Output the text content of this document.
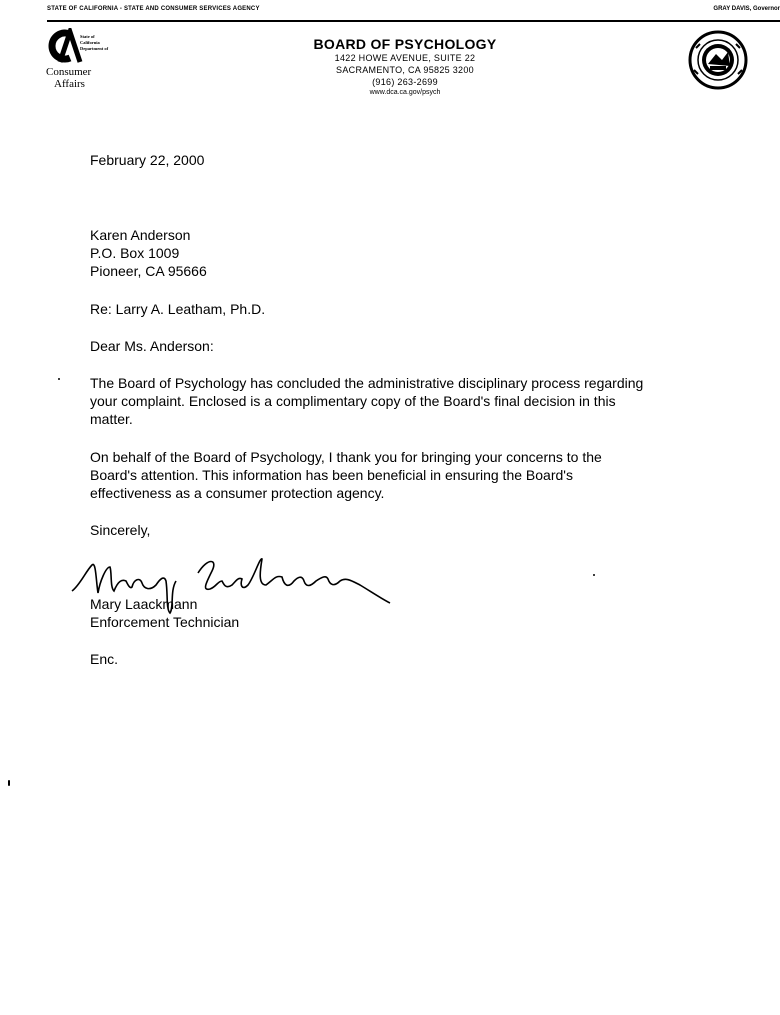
STATE OF CALIFORNIA - STATE AND CONSUMER SERVICES AGENCY	GRAY DAVIS, Governor
State of
California
Department of
Consumer
Affairs
BOARD OF PSYCHOLOGY
1422 HOWE AVENUE, SUITE 22
SACRAMENTO, CA 95825 3200
(916) 263-2699
www.dca.ca.gov/psych
February 22, 2000
Karen Anderson
P.O. Box 1009
Pioneer, CA 95666
Re: Larry A. Leatham, Ph.D.
Dear Ms. Anderson:
The Board of Psychology has concluded the administrative disciplinary process regarding your complaint. Enclosed is a complimentary copy of the Board's final decision in this matter.
On behalf of the Board of Psychology, I thank you for bringing your concerns to the Board's attention. This information has been beneficial in ensuring the Board's effectiveness as a consumer protection agency.
Sincerely,
Mary Laackmann
Enforcement Technician
Enc.
